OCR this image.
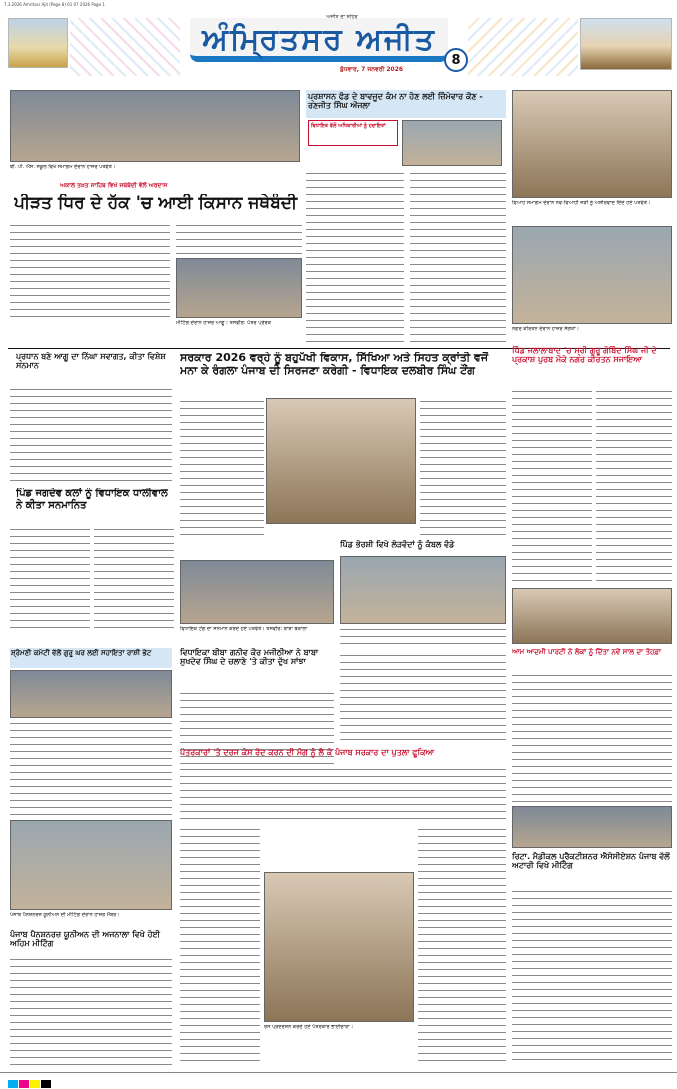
7.3.2026 Amritsar Ajit (Page 8) 01 07 2026 Page 1
ਅਜੀਤ ਦਾ ਸ਼ਹਿਰ
ਅੰਮ੍ਰਿਤਸਰ ਅਜੀਤ
ਬੁੱਧਵਾਰ, 7 ਜਨਵਰੀ 2026
8
ਬੀ. ਪੀ. ਐਸ. ਸਕੂਲ ਵਿਖੇ ਸਮਾਗਮ ਦੌਰਾਨ ਹਾਜ਼ਰ ਪਤਵੰਤੇ।
ਅਕਾਲ ਤਖ਼ਤ ਸਾਹਿਬ ਵਿਖੇ ਜਥੇਬੰਦੀ ਵੱਲੋਂ ਅਰਦਾਸ
ਪੀੜਤ ਧਿਰ ਦੇ ਹੱਕ 'ਚ ਆਈ ਕਿਸਾਨ ਜਥੇਬੰਦੀ
ਪ੍ਰਸ਼ਾਸਨ ਫੰਡ ਦੇ ਬਾਵਜੂਦ ਕੰਮ ਨਾ ਹੋਣ ਲਈ ਜ਼ਿੰਮੇਵਾਰ ਕੌਣ - ਰਣਜੀਤ ਸਿੰਘ ਔਜਲਾ
ਵਿਧਾਇਕ ਵੱਲੋਂ ਅਧਿਕਾਰੀਆਂ ਨੂੰ ਹਦਾਇਤਾਂ
ਵਿਆਹ ਸਮਾਗਮ ਦੌਰਾਨ ਨਵ-ਵਿਆਹੀ ਜੋੜੀ ਨੂੰ ਅਸ਼ੀਰਵਾਦ ਦਿੰਦੇ ਹੋਏ ਪਤਵੰਤੇ।
ਨਗਰ ਕੀਰਤਨ ਦੌਰਾਨ ਹਾਜ਼ਰ ਸੰਗਤਾਂ।
ਮੀਟਿੰਗ ਦੌਰਾਨ ਹਾਜ਼ਰ ਆਗੂ। ਤਸਵੀਰ: ਪੱਤਰ ਪ੍ਰੇਰਕ
ਪ੍ਰਧਾਨ ਬਣੇ ਆਗੂ ਦਾ ਨਿੱਘਾ ਸਵਾਗਤ, ਕੀਤਾ ਵਿਸ਼ੇਸ਼ ਸਨਮਾਨ
ਸਰਕਾਰ 2026 ਵਰ੍ਹੇ ਨੂੰ ਬਹੁਪੱਖੀ ਵਿਕਾਸ, ਸਿੱਖਿਆ ਅਤੇ ਸਿਹਤ ਕ੍ਰਾਂਤੀ ਵਜੋਂ ਮਨਾ ਕੇ ਰੰਗਲਾ ਪੰਜਾਬ ਦੀ ਸਿਰਜਣਾ ਕਰੇਗੀ - ਵਿਧਾਇਕ ਦਲਬੀਰ ਸਿੰਘ ਟੌਂਗ
ਪਿੰਡ ਜਲਾਲਾਬਾਦ 'ਚ ਸ੍ਰੀ ਗੁਰੂ ਗੋਬਿੰਦ ਸਿੰਘ ਜੀ ਦੇ ਪ੍ਰਕਾਸ਼ ਪੁਰਬ ਮੌਕੇ ਨਗਰ ਕੀਰਤਨ ਸਜਾਇਆ
ਪਿੰਡ ਜਗਦੇਵ ਕਲਾਂ ਨੂੰ ਵਿਧਾਇਕ ਧਾਲੀਵਾਲ ਨੇ ਕੀਤਾ ਸਨਮਾਨਿਤ
ਵਿਧਾਇਕ ਟੌਂਗ ਦਾ ਸਨਮਾਨ ਕਰਦੇ ਹੋਏ ਪਤਵੰਤੇ। ਤਸਵੀਰ: ਬਾਬਾ ਬਕਾਲਾ
ਪਿੰਡ ਭੋਰਸ਼ੀ ਵਿਖੇ ਲੋੜਵੰਦਾਂ ਨੂੰ ਕੰਬਲ ਵੰਡੇ
ਸ਼੍ਰੋਮਣੀ ਕਮੇਟੀ ਵੱਲੋਂ ਗੁਰੂ ਘਰ ਲਈ ਸਹਾਇਤਾ ਰਾਸ਼ੀ ਭੇਟ	ਵਿਧਾਇਕਾ ਬੀਬਾ ਗਨੀਵ ਕੌਰ ਮਜੀਠੀਆ ਨੇ ਬਾਬਾ ਸੁਖਦੇਵ ਸਿੰਘ ਦੇ ਚਲਾਣੇ 'ਤੇ ਕੀਤਾ ਦੁੱਖ ਸਾਂਝਾ
ਆਮ ਆਦਮੀ ਪਾਰਟੀ ਨੇ ਲੋਕਾਂ ਨੂੰ ਦਿੱਤਾ ਨਵੇਂ ਸਾਲ ਦਾ ਤੋਹਫ਼ਾ
ਪੱਤਰਕਾਰਾਂ 'ਤੇ ਦਰਜ ਕੇਸ ਰੱਦ ਕਰਨ ਦੀ ਮੰਗ ਨੂੰ ਲੈ ਕੇ ਪੰਜਾਬ ਸਰਕਾਰ ਦਾ ਪੁਤਲਾ ਫੂਕਿਆ
ਪੰਜਾਬ ਪੈਨਸ਼ਨਰਜ਼ ਯੂਨੀਅਨ ਦੀ ਮੀਟਿੰਗ ਦੌਰਾਨ ਹਾਜ਼ਰ ਮੈਂਬਰ।
ਪੰਜਾਬ ਪੈਨਸ਼ਨਰਜ਼ ਯੂਨੀਅਨ ਦੀ ਅਜਨਾਲਾ ਵਿਖੇ ਹੋਈ ਅਹਿਮ ਮੀਟਿੰਗ
ਰੋਸ ਪ੍ਰਦਰਸ਼ਨ ਕਰਦੇ ਹੋਏ ਪੱਤਰਕਾਰ ਭਾਈਚਾਰਾ।
ਰਿਟਾ. ਮੈਡੀਕਲ ਪ੍ਰੈਕਟੀਸ਼ਨਰ ਐਸੋਸੀਏਸ਼ਨ ਪੰਜਾਬ ਵੱਲੋਂ ਅਟਾਰੀ ਵਿਖੇ ਮੀਟਿੰਗ
